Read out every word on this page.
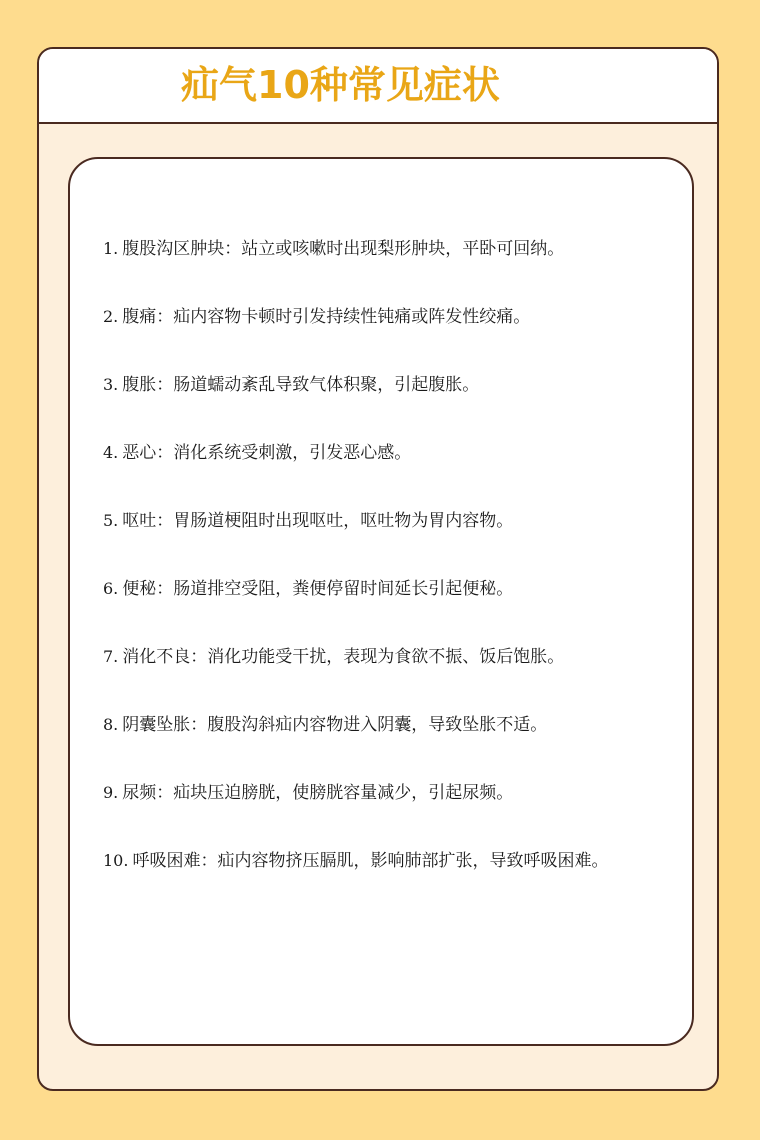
疝气10种常见症状
1. 腹股沟区肿块：站立或咳嗽时出现梨形肿块，平卧可回纳。
2. 腹痛：疝内容物卡顿时引发持续性钝痛或阵发性绞痛。
3. 腹胀：肠道蠕动紊乱导致气体积聚，引起腹胀。
4. 恶心：消化系统受刺激，引发恶心感。
5. 呕吐：胃肠道梗阻时出现呕吐，呕吐物为胃内容物。
6. 便秘：肠道排空受阻，粪便停留时间延长引起便秘。
7. 消化不良：消化功能受干扰，表现为食欲不振、饭后饱胀。
8. 阴囊坠胀：腹股沟斜疝内容物进入阴囊，导致坠胀不适。
9. 尿频：疝块压迫膀胱，使膀胱容量减少，引起尿频。
10. 呼吸困难：疝内容物挤压膈肌，影响肺部扩张，导致呼吸困难。
